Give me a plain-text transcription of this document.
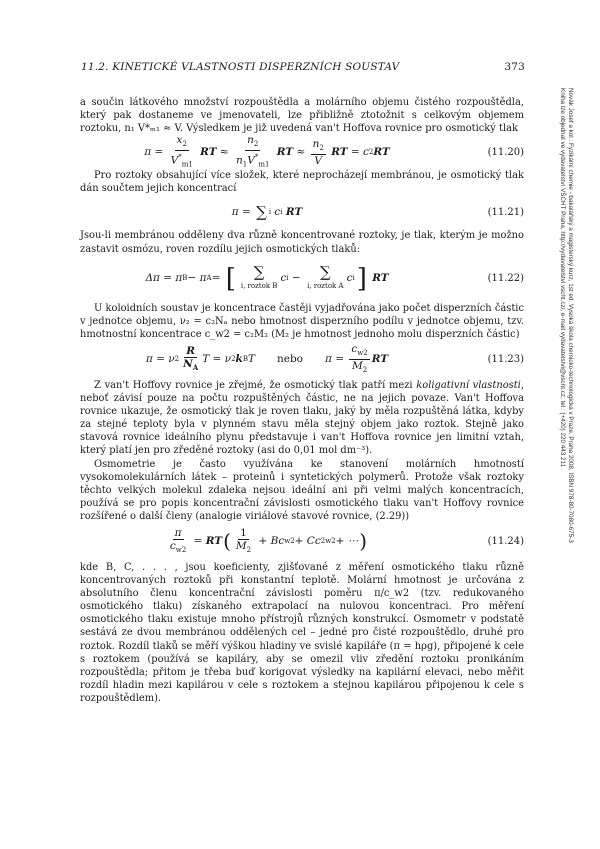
11.2. KINETICKÉ VLASTNOSTI DISPERZNÍCH SOUSTAV	373

a součin látkového množství rozpouštědla a molárního objemu čistého rozpouštědla, který pak dostaneme ve jmenovateli, lze přibližně ztotožnit s celkovým objemem roztoku, n₁ V*ₘ₁ ≈ V. Výsledkem je již uvedená van't Hoffova rovnice pro osmotický tlak

$\pi = \frac{x_2}{V^*_{m1}}$
RT ≈ $\frac{n_2}{n_1V^*_{m1}}$
RT ≈ $\frac{n_2}{V}$
RT = c 2 RT	(11.20)

Pro roztoky obsahující více složek, které neprocházejí membránou, je osmotický tlak dán součtem jejich koncentrací

π = ∑ i c i
RT	(11.21)

Jsou-li membránou odděleny dva různě koncentrované roztoky, je tlak, kterým je možno zastavit osmózu, roven rozdílu jejich osmotických tlaků:

Δπ = π B − π A = [ ∑
i, roztok B
c i − ∑
i, roztok A
c i ]
RT	(11.22)

U koloidních soustav je koncentrace častěji vyjadřována jako počet disperzních částic v jednotce objemu, ν₂ = c₂Nₐ nebo hmotnost disperzního podílu v jednotce objemu, tzv. hmotnostní koncentrace c_w2 = c₂M₂ (M₂ je hmotnost jednoho molu disperzních částic)

π = ν $2 \frac{R}{N_A}$ T = ν 2 k B T nebo $\pi = \frac{c_{w2}}{M_2}$ RT	(11.23)

Z van't Hoffovy rovnice je zřejmé, že osmotický tlak patří mezi koligativní vlastnosti, neboť závisí pouze na počtu rozpuštěných částic, ne na jejich povaze. Van't Hoffova rovnice ukazuje, že osmotický tlak je roven tlaku, jaký by měla rozpuštěná látka, kdyby za stejné teploty byla v plynném stavu měla stejný objem jako roztok. Stejně jako stavová rovnice ideálního plynu představuje i van't Hoffova rovnice jen limitní vztah, který platí jen pro zředěné roztoky (asi do 0,01 mol dm⁻³).

Osmometrie je často využívána ke stanovení molárních hmotností vysokomolekulárních látek – proteinů i syntetických polymerů. Protože však roztoky těchto velkých molekul zdaleka nejsou ideální ani při velmi malých koncentracích, používá se pro popis koncentrační závislosti osmotického tlaku van't Hoffovy rovnice rozšířené o další členy (analogie viriálové stavové rovnice, (2.29))

$\frac{\pi}{c_{w2}}$ = RT ( $\frac{1}{M_2} + Bc$ w2 + Cc 2 w2 + ⋯ )	(11.24)

kde B, C, . . . , jsou koeficienty, zjišťované z měření osmotického tlaku různě koncentrovaných roztoků při konstantní teplotě. Molární hmotnost je určována z absolutního členu koncentrační závislosti poměru π/c_w2 (tzv. redukovaného osmotického tlaku) získaného extrapolací na nulovou koncentraci. Pro měření osmotického tlaku existuje mnoho přístrojů různých konstrukcí. Osmometr v podstatě sestává ze dvou membránou oddělených cel – jedné pro čisté rozpouštědlo, druhé pro roztok. Rozdíl tlaků se měří výškou hladiny ve svislé kapiláře (π = hρg), připojené k cele s roztokem (používá se kapiláry, aby se omezil vliv zředění roztoku pronikáním rozpouštědla; přitom je třeba buď korigovat výsledky na kapilární elevaci, nebo měřit rozdíl hladin mezi kapilárou v cele s roztokem a stejnou kapilárou připojenou k cele s rozpouštědlem).

Novák Josef a kol.: Fyzikální chemie - bakalářský a magisterský kurz, 1st ed. Vysoká škola chemicko-technologická v Praze, Praha 2008, ISBN 978-80-7080-675-3
Kniha lze objednat ve vydavatelství VŠCHT Praha, http://vydavatelstvi.vscht.cz/, e-mail vydavatelstvi@vscht.cz, tel.: (+420) 220 443 211
